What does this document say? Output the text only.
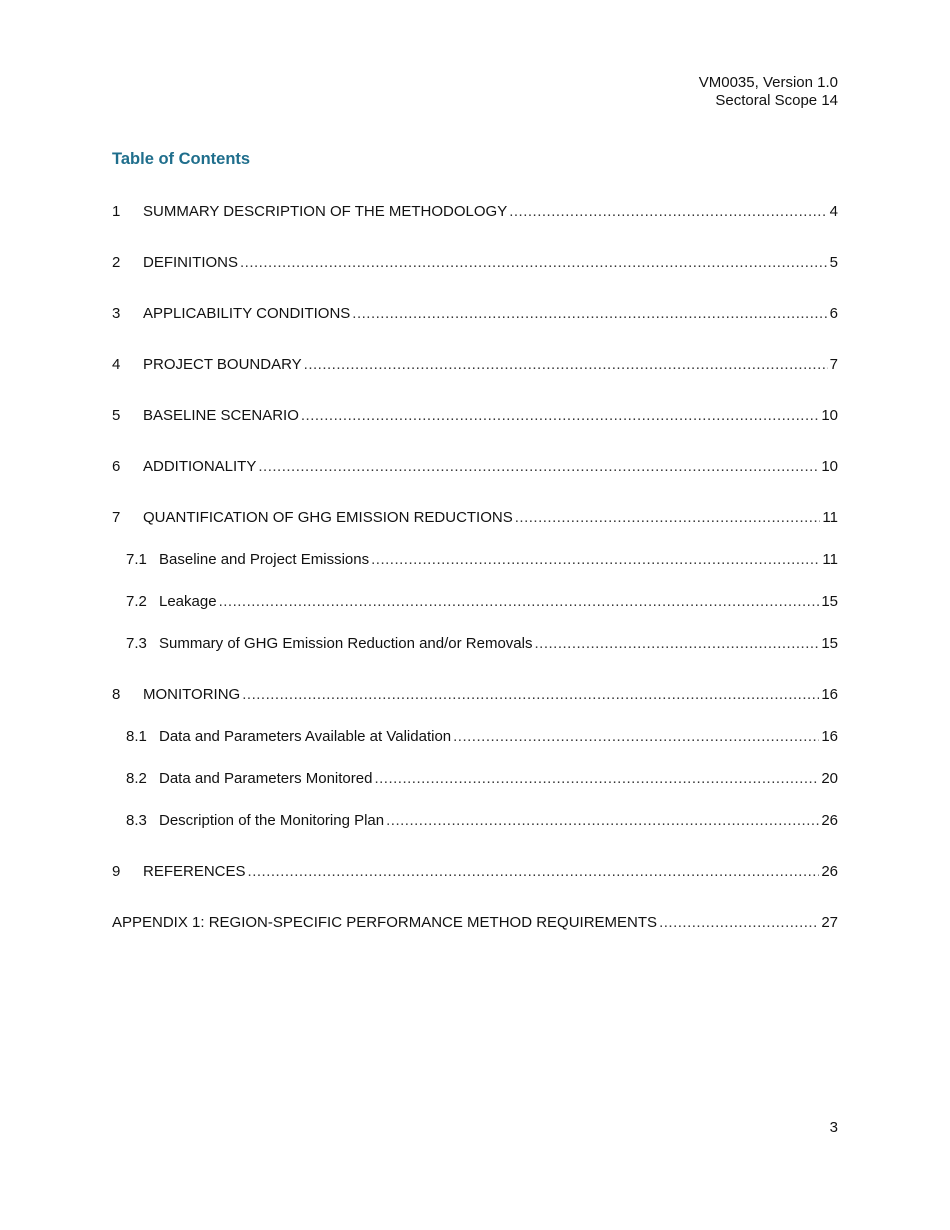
VM0035, Version 1.0
Sectoral Scope 14
Table of Contents
1	SUMMARY DESCRIPTION OF THE METHODOLOGY .....	4
2	DEFINITIONS .....	5
3	APPLICABILITY CONDITIONS .....	6
4	PROJECT BOUNDARY .....	7
5	BASELINE SCENARIO .....	10
6	ADDITIONALITY .....	10
7	QUANTIFICATION OF GHG EMISSION REDUCTIONS .....	11
7.1 Baseline and Project Emissions .....	11
7.2 Leakage .....	15
7.3 Summary of GHG Emission Reduction and/or Removals .....	15
8	MONITORING .....	16
8.1 Data and Parameters Available at Validation .....	16
8.2 Data and Parameters Monitored .....	20
8.3 Description of the Monitoring Plan .....	26
9	REFERENCES .....	26
APPENDIX 1: REGION-SPECIFIC PERFORMANCE METHOD REQUIREMENTS .....	27
3
